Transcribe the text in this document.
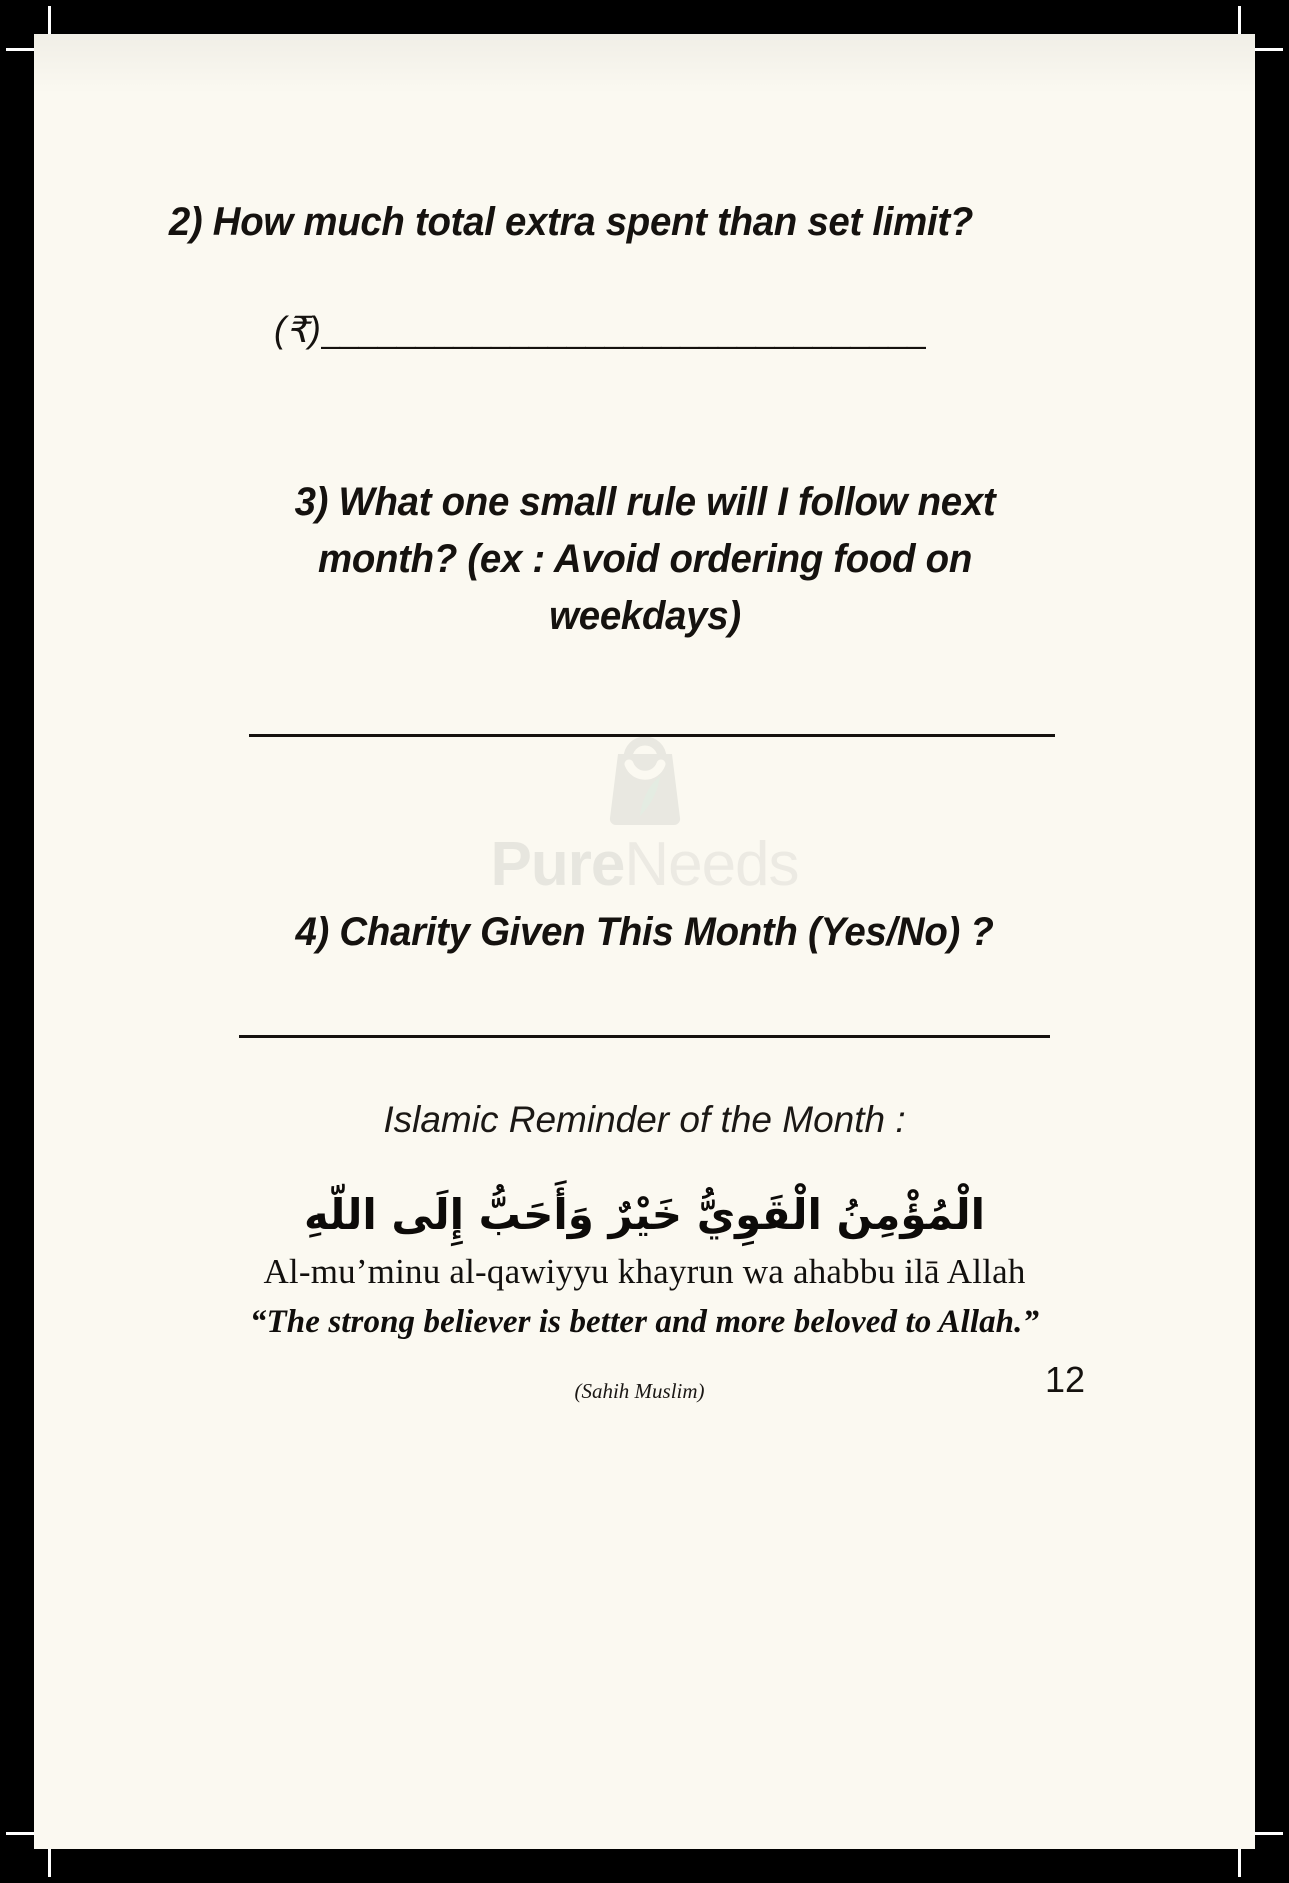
PureNeeds

2) How much total extra spent than set limit?

(₹) ________________________________

3) What one small rule will I follow next month? (ex : Avoid ordering food on weekdays)

4) Charity Given This Month (Yes/No) ?

Islamic Reminder of the Month :

الْمُؤْمِنُ الْقَوِيُّ خَيْرٌ وَأَحَبُّ إِلَى اللّهِ

Al-mu’minu al-qawiyyu khayrun wa ahabbu ilā Allah

“The strong believer is better and more beloved to Allah.”

(Sahih Muslim)	12
